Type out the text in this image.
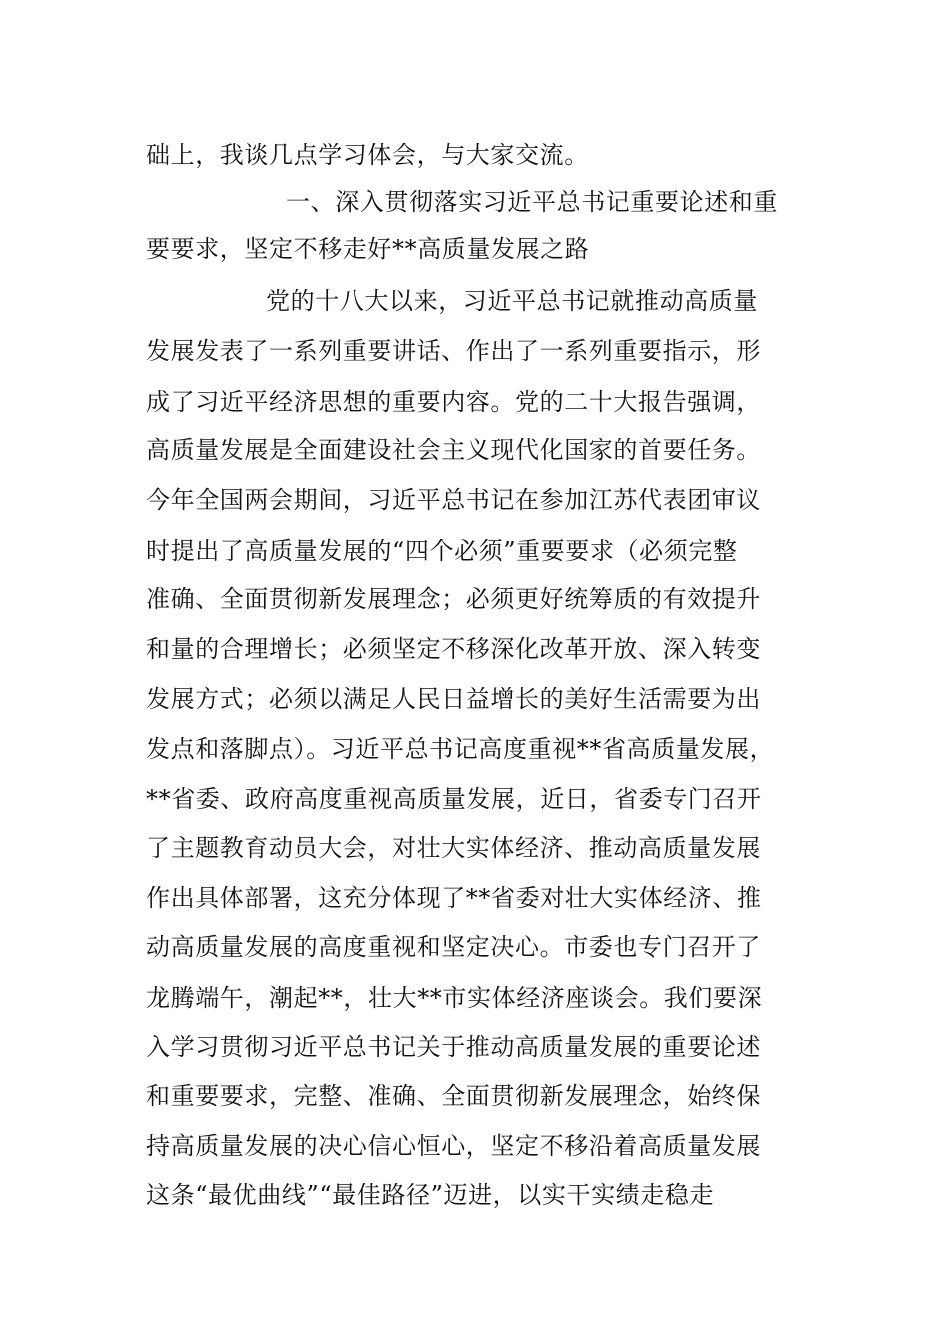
础上，我谈几点学习体会，与大家交流。
一、深入贯彻落实习近平总书记重要论述和重
要要求，坚定不移走好**高质量发展之路
党的十八大以来，习近平总书记就推动高质量
发展发表了一系列重要讲话、作出了一系列重要指示，形
成了习近平经济思想的重要内容。党的二十大报告强调，
高质量发展是全面建设社会主义现代化国家的首要任务。
今年全国两会期间，习近平总书记在参加江苏代表团审议
时提出了高质量发展的“四个必须”重要要求（必须完整
准确、全面贯彻新发展理念；必须更好统筹质的有效提升
和量的合理增长；必须坚定不移深化改革开放、深入转变
发展方式；必须以满足人民日益增长的美好生活需要为出
发点和落脚点）。习近平总书记高度重视**省高质量发展，
**省委、政府高度重视高质量发展，近日，省委专门召开
了主题教育动员大会，对壮大实体经济、推动高质量发展
作出具体部署，这充分体现了**省委对壮大实体经济、推
动高质量发展的高度重视和坚定决心。市委也专门召开了
龙腾端午，潮起**，壮大**市实体经济座谈会。我们要深
入学习贯彻习近平总书记关于推动高质量发展的重要论述
和重要要求，完整、准确、全面贯彻新发展理念，始终保
持高质量发展的决心信心恒心，坚定不移沿着高质量发展
这条“最优曲线”“最佳路径”迈进，以实干实绩走稳走
